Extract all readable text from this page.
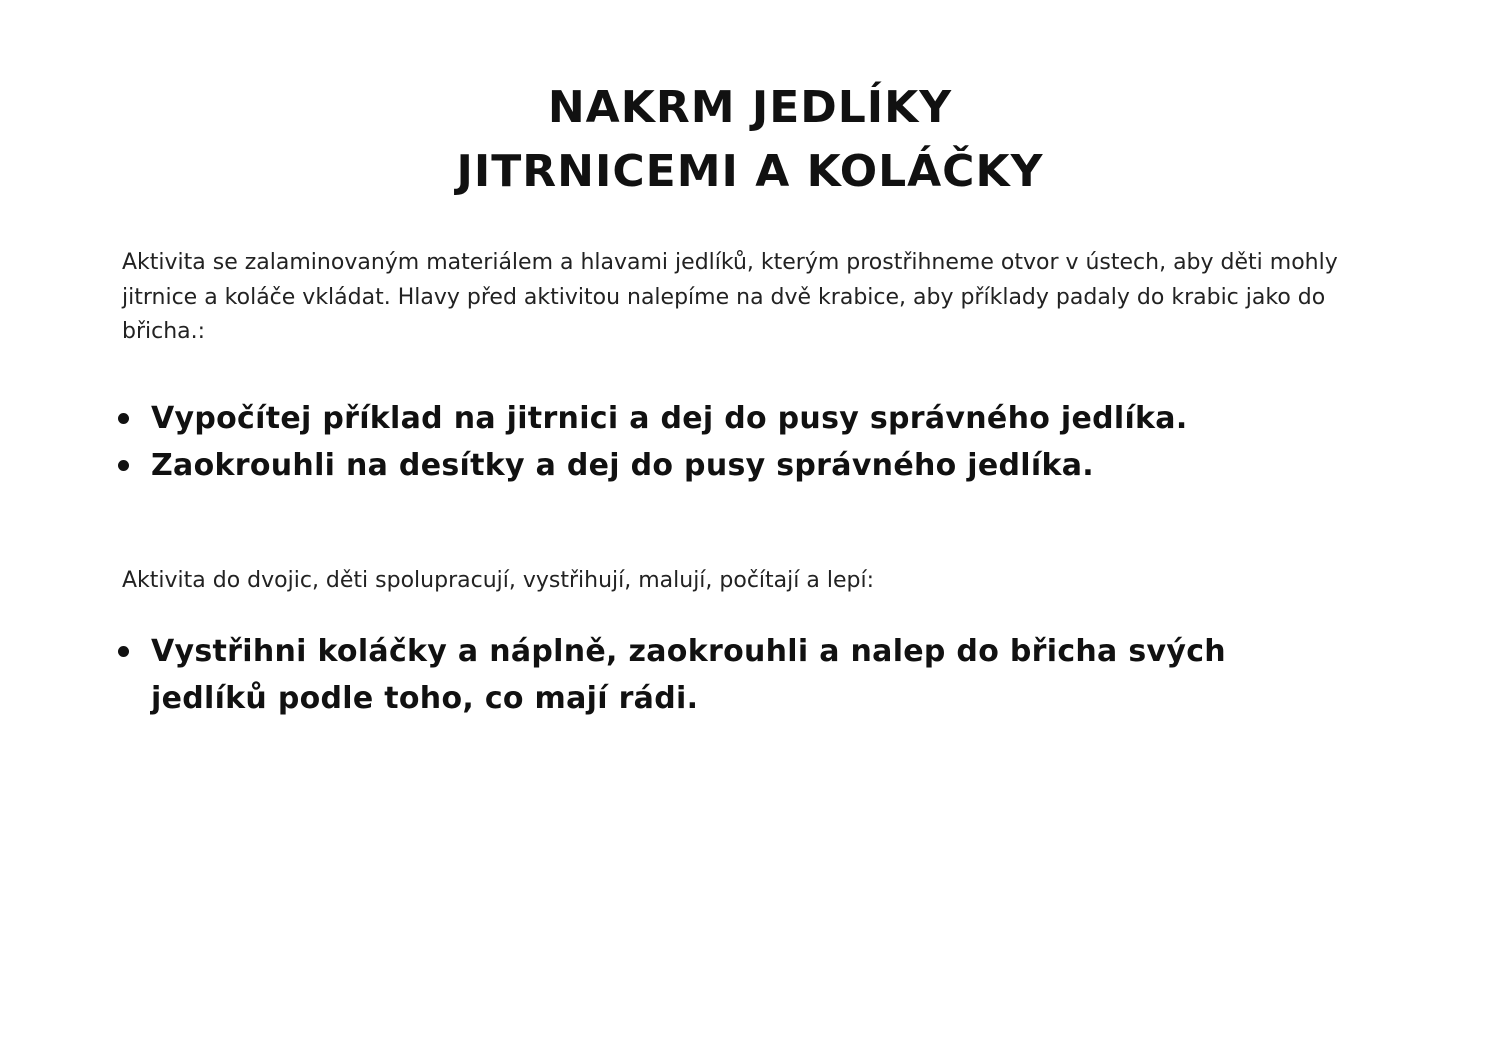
NAKRM JEDLÍKY
JITRNICEMI A KOLÁČKY

Aktivita se zalaminovaným materiálem a hlavami jedlíků, kterým prostřihneme otvor v ústech, aby děti mohly jitrnice a koláče vkládat. Hlavy před aktivitou nalepíme na dvě krabice, aby příklady padaly do krabic jako do břicha.:

Vypočítej příklad na jitrnici a dej do pusy správného jedlíka.
Zaokrouhli na desítky a dej do pusy správného jedlíka.

Aktivita do dvojic, děti spolupracují, vystřihují, malují, počítají a lepí:

Vystřihni koláčky a náplně, zaokrouhli a nalep do břicha svých jedlíků podle toho, co mají rádi.
